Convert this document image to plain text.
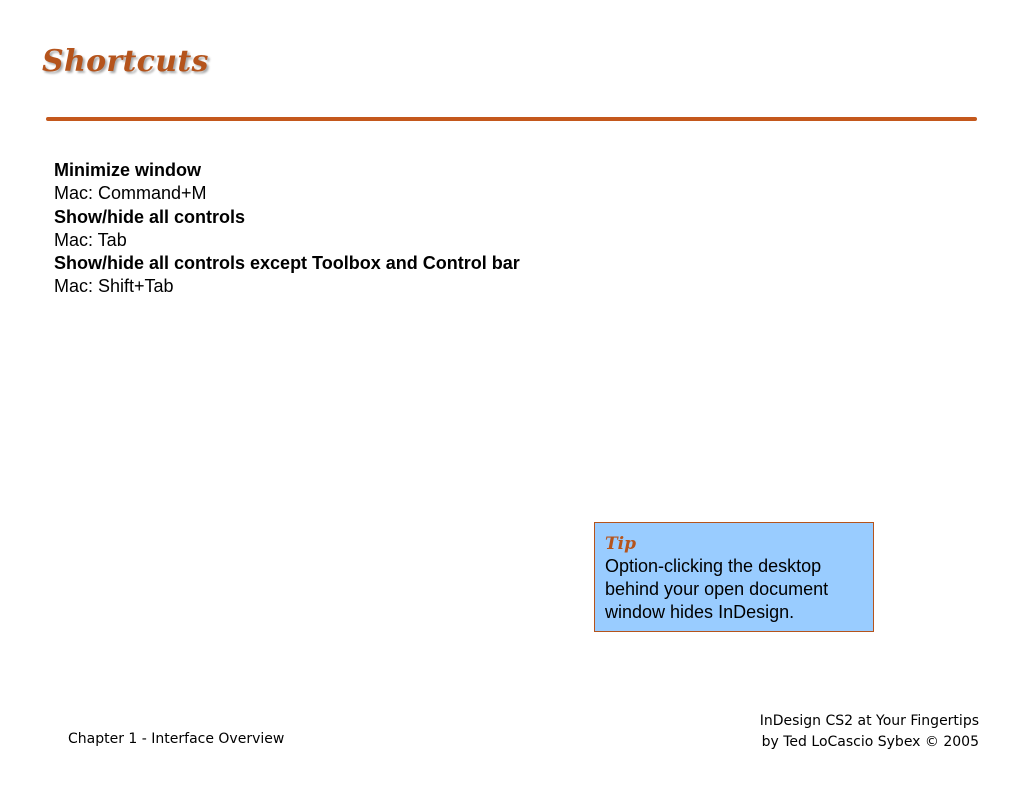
Shortcuts
Minimize window
Mac: Command+M
Show/hide all controls
Mac: Tab
Show/hide all controls except Toolbox and Control bar
Mac: Shift+Tab
Tip
Option-clicking the desktop behind your open document window hides InDesign.
Chapter 1 - Interface Overview
InDesign CS2 at Your Fingertips
by Ted LoCascio Sybex © 2005
